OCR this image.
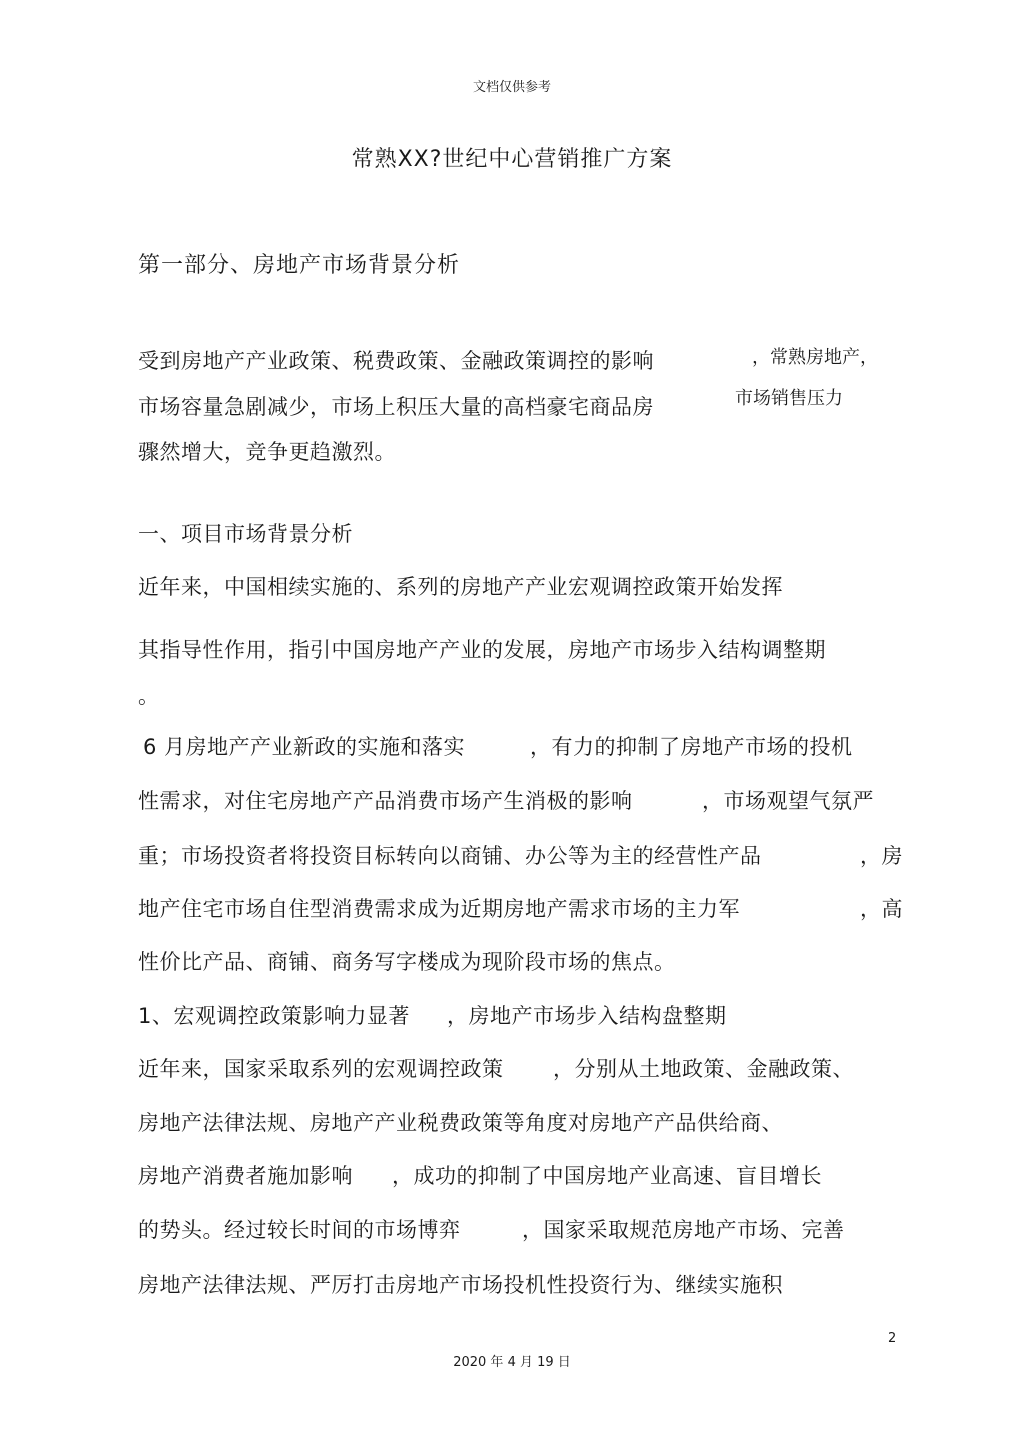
文档仅供参考
常熟XX?世纪中心营销推广方案
第一部分、房地产市场背景分析
受到房地产产业政策、税费政策、金融政策调控的影响	，常熟房地产，
市场容量急剧减少，市场上积压大量的高档豪宅商品房	市场销售压力
骤然增大，竞争更趋激烈。
一、项目市场背景分析
近年来，中国相续实施的、系列的房地产产业宏观调控政策开始发挥
其指导性作用，指引中国房地产产业的发展，房地产市场步入结构调整期
。
6 月房地产产业新政的实施和落实	，有力的抑制了房地产市场的投机
性需求，对住宅房地产产品消费市场产生消极的影响	，市场观望气氛严
重；市场投资者将投资目标转向以商铺、办公等为主的经营性产品	，房
地产住宅市场自住型消费需求成为近期房地产需求市场的主力军	，高
性价比产品、商铺、商务写字楼成为现阶段市场的焦点。
1、宏观调控政策影响力显著 ，房地产市场步入结构盘整期
近年来，国家采取系列的宏观调控政策 ，分别从土地政策、金融政策、
房地产法律法规、房地产产业税费政策等角度对房地产产品供给商、
房地产消费者施加影响 ，成功的抑制了中国房地产业高速、盲目增长
的势头。经过较长时间的市场博弈	，国家采取规范房地产市场、完善
房地产法律法规、严厉打击房地产市场投机性投资行为、继续实施积
2
2020 年 4 月 19 日
